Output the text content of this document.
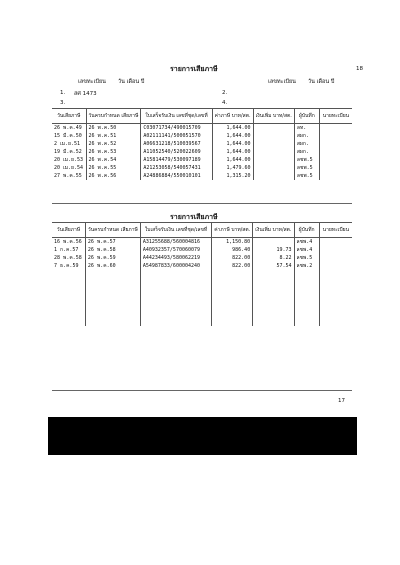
18
รายการเสียภาษี
เลขทะเบียน วัน เดือน ปี	เลขทะเบียน วัน เดือน ปี
1. สศ 1473	2.
3.	4.
วันเสียภาษี	วันครบกำหนด เสียภาษี	ใบเสร็จรับเงิน เลขที่ชุด/เลขที่	ค่าภาษี บาท/สต.	เงินเพิ่ม บาท/สต.	ผู้บันทึก	นายทะเบียน
26 พ.ค.49	26 พ.ค.50	C03071734/490015709	1,644.00		ลท.	
15 มี.ค.50	26 พ.ค.51	A02111141/500051570	1,644.00		สผก.	
2 เม.ย.51	26 พ.ค.52	A06631218/510039567	1,644.00		สผก.	
19 มี.ค.52	26 พ.ค.53	A11052540/520022609	1,644.00		สผก.	
20 เม.ย.53	26 พ.ค.54	A15814479/530097189	1,644.00		ลชพ.5	
20 เม.ย.54	26 พ.ค.55	A21253058/540057431	1,479.60		ลชพ.5	
27 พ.ค.55	26 พ.ค.56	A24886884/550010101	1,315.20		ลชพ.5	
รายการเสียภาษี
วันเสียภาษี	วันครบกำหนด เสียภาษี	ใบเสร็จรับเงิน เลขที่ชุด/เลขที่	ค่าภาษี บาท/สต.	เงินเพิ่ม บาท/สต.	ผู้บันทึก	นายทะเบียน
16 พ.ค.56	26 พ.ค.57	A31255688/560004816	1,150.80		ลชพ.4	
1 ก.ค.57	26 พ.ค.58	A40932357/570060079	986.40	19.73	ลชพ.4	
28 พ.ค.58	26 พ.ค.59	A44234493/580062219	822.00	8.22	ลชพ.5	
7 ธ.ค.59	26 พ.ค.60	A54987833/600004240	822.00	57.54	ลชพ.2	

17
